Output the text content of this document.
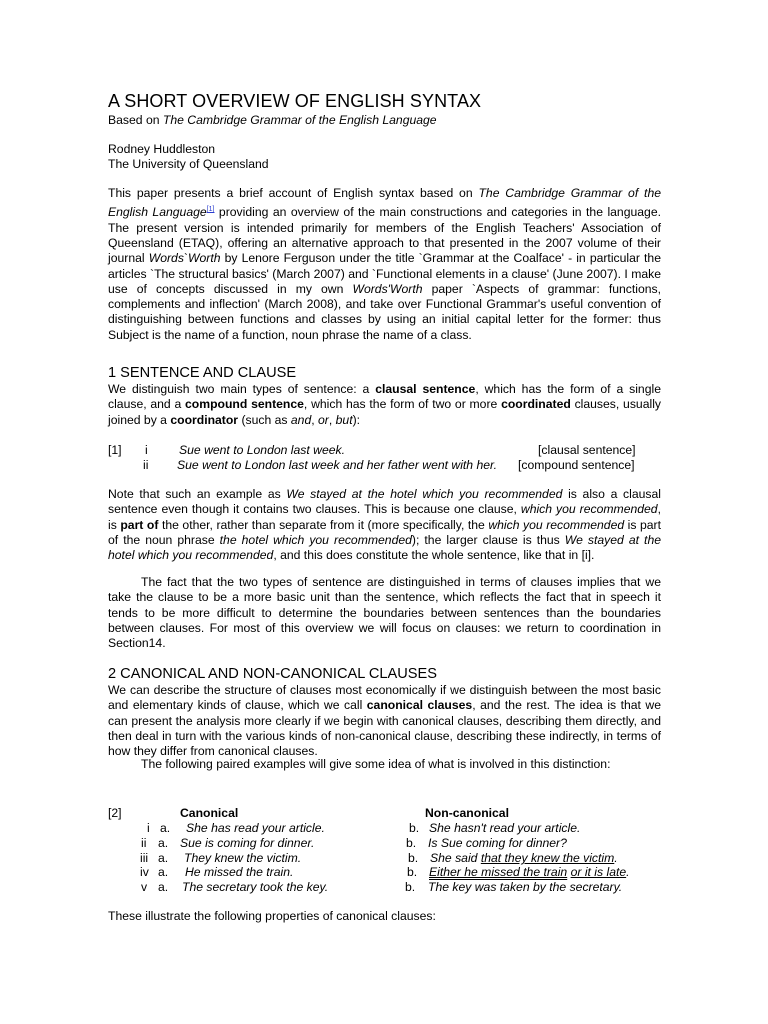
A SHORT OVERVIEW OF ENGLISH SYNTAX
Based on The Cambridge Grammar of the English Language
Rodney Huddleston
The University of Queensland
This paper presents a brief account of English syntax based on The Cambridge Grammar of the English Language[1] providing an overview of the main constructions and categories in the language. The present version is intended primarily for members of the English Teachers' Association of Queensland (ETAQ), offering an alternative approach to that presented in the 2007 volume of their journal Words`Worth by Lenore Ferguson under the title `Grammar at the Coalface' - in particular the articles `The structural basics' (March 2007) and `Functional elements in a clause' (June 2007). I make use of concepts discussed in my own Words'Worth paper `Aspects of grammar: functions, complements and inflection' (March 2008), and take over Functional Grammar's useful convention of distinguishing between functions and classes by using an initial capital letter for the former: thus Subject is the name of a function, noun phrase the name of a class.
1 SENTENCE AND CLAUSE
We distinguish two main types of sentence: a clausal sentence, which has the form of a single clause, and a compound sentence, which has the form of two or more coordinated clauses, usually joined by a coordinator (such as and, or, but):
[1] i	Sue went to London last week.	[clausal sentence]
ii Sue went to London last week and her father went with her. [compound sentence]
Note that such an example as We stayed at the hotel which you recommended is also a clausal sentence even though it contains two clauses. This is because one clause, which you recommended, is part of the other, rather than separate from it (more specifically, the which you recommended is part of the noun phrase the hotel which you recommended); the larger clause is thus We stayed at the hotel which you recommended, and this does constitute the whole sentence, like that in [i].
The fact that the two types of sentence are distinguished in terms of clauses implies that we take the clause to be a more basic unit than the sentence, which reflects the fact that in speech it tends to be more difficult to determine the boundaries between sentences than the boundaries between clauses. For most of this overview we will focus on clauses: we return to coordination in Section14.
2 CANONICAL AND NON-CANONICAL CLAUSES
We can describe the structure of clauses most economically if we distinguish between the most basic and elementary kinds of clause, which we call canonical clauses, and the rest. The idea is that we can present the analysis more clearly if we begin with canonical clauses, describing them directly, and then deal in turn with the various kinds of non-canonical clause, describing these indirectly, in terms of how they differ from canonical clauses.
The following paired examples will give some idea of what is involved in this distinction:
[2]	Canonical	Non-canonical
i a. She has read your article.	b. She hasn't read your article.
ii a. Sue is coming for dinner.	b. Is Sue coming for dinner?
iii a. They knew the victim.	b. She said that they knew the victim.
iv a. He missed the train.	b. Either he missed the train or it is late.
v a. The secretary took the key.	b. The key was taken by the secretary.
These illustrate the following properties of canonical clauses:
